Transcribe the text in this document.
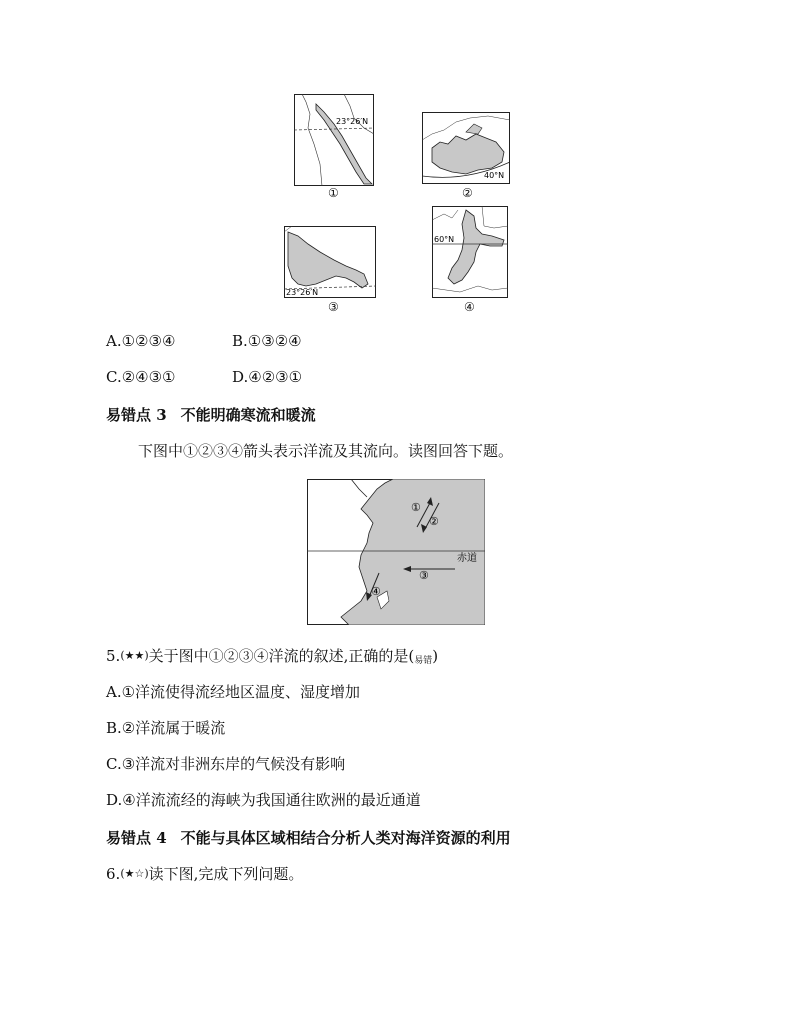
23°26′N
①
40°N
②
23°26′N
③
60°N
④
A.①②③④	B.①③②④
C.②④③①	D.④②③①
易错点 3 不能明确寒流和暖流
下图中①②③④箭头表示洋流及其流向。读图回答下题。
赤道
①
②
③
④
5.(★★)关于图中①②③④洋流的叙述,正确的是(易错)
A.①洋流使得流经地区温度、湿度增加
B.②洋流属于暖流
C.③洋流对非洲东岸的气候没有影响
D.④洋流流经的海峡为我国通往欧洲的最近通道
易错点 4 不能与具体区域相结合分析人类对海洋资源的利用
6.(★☆)读下图,完成下列问题。
